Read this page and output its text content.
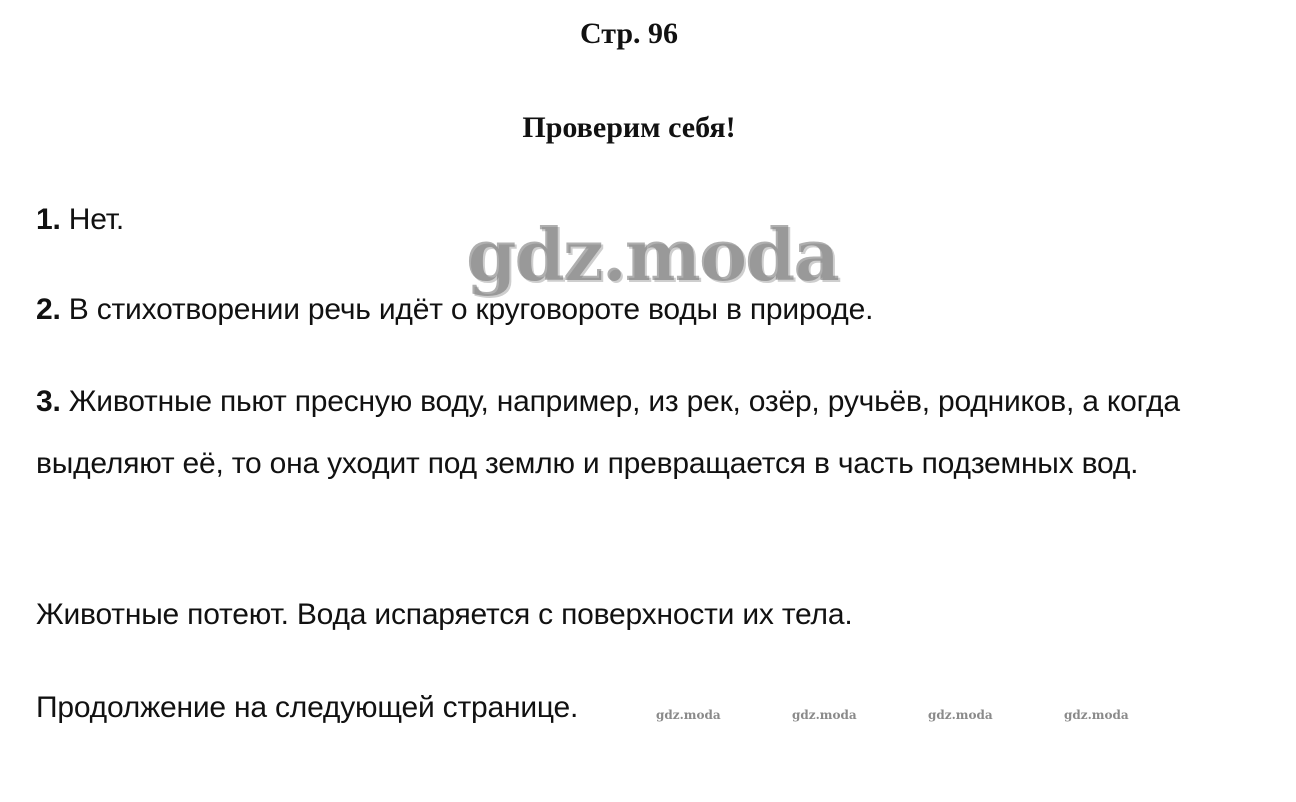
Стр. 96
Проверим себя!
1. Нет.
2. В стихотворении речь идёт о круговороте воды в природе.
3. Животные пьют пресную воду, например, из рек, озёр, ручьёв, родников, а когда выделяют её, то она уходит под землю и превращается в часть подземных вод.
Животные потеют. Вода испаряется с поверхности их тела.
Продолжение на следующей странице.
gdz.moda
gdz.moda	gdz.moda	gdz.moda	gdz.moda
